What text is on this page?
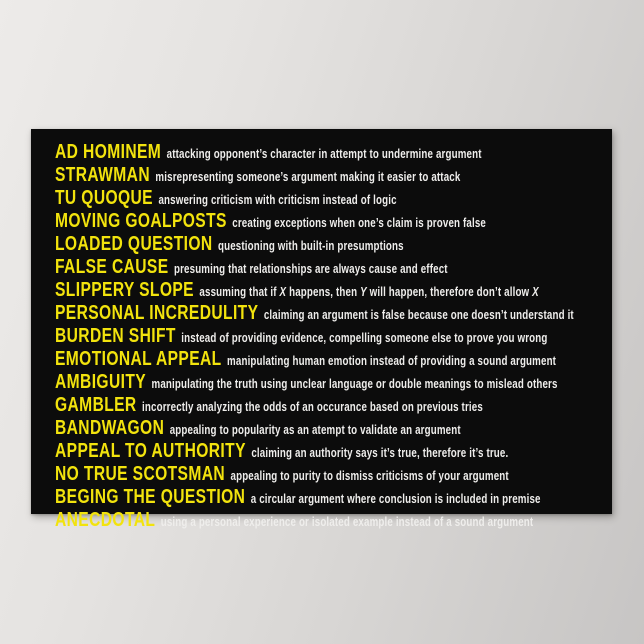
AD HOMINEM attacking opponent’s character in attempt to undermine argument
STRAWMAN misrepresenting someone’s argument making it easier to attack
TU QUOQUE answering criticism with criticism instead of logic
MOVING GOALPOSTS creating exceptions when one’s claim is proven false
LOADED QUESTION questioning with built-in presumptions
FALSE CAUSE presuming that relationships are always cause and effect
SLIPPERY SLOPE assuming that if X happens, then Y will happen, therefore don’t allow X
PERSONAL INCREDULITY claiming an argument is false because one doesn’t understand it
BURDEN SHIFT instead of providing evidence, compelling someone else to prove you wrong
EMOTIONAL APPEAL manipulating human emotion instead of providing a sound argument
AMBIGUITY manipulating the truth using unclear language or double meanings to mislead others
GAMBLER incorrectly analyzing the odds of an occurance based on previous tries
BANDWAGON appealing to popularity as an atempt to validate an argument
APPEAL TO AUTHORITY claiming an authority says it’s true, therefore it’s true.
NO TRUE SCOTSMAN appealing to purity to dismiss criticisms of your argument
BEGING THE QUESTION a circular argument where conclusion is included in premise
ANECDOTAL using a personal experience or isolated example instead of a sound argument
